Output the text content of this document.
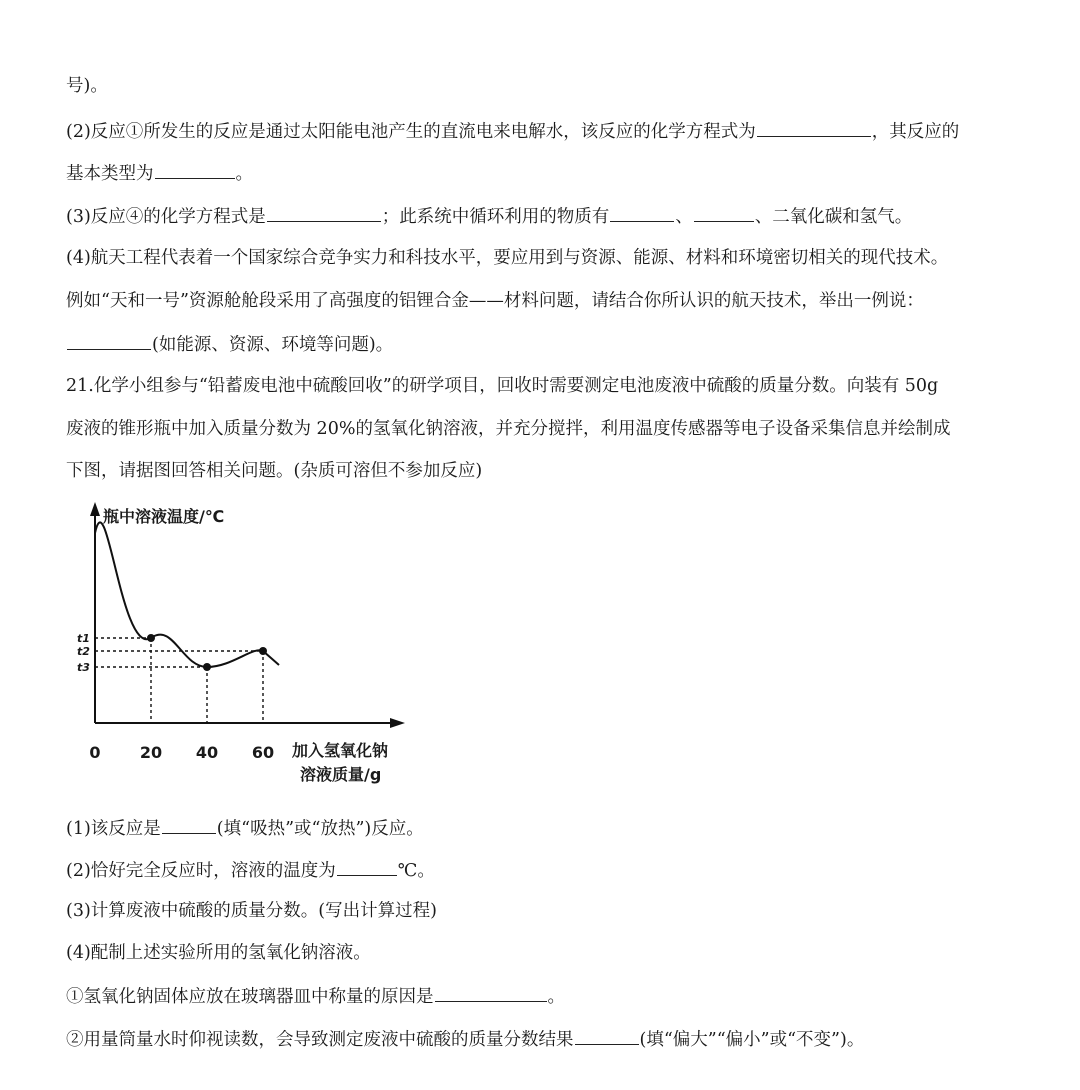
号)。
(2)反应①所发生的反应是通过太阳能电池产生的直流电来电解水，该反应的化学方程式为	，其反应的
基本类型为	。
(3)反应④的化学方程式是	；此系统中循环利用的物质有	、	、二氧化碳和氢气。
(4)航天工程代表着一个国家综合竞争实力和科技水平，要应用到与资源、能源、材料和环境密切相关的现代技术。
例如“天和一号”资源舱舱段采用了高强度的铝锂合金——材料问题，请结合你所认识的航天技术，举出一例说：
(如能源、资源、环境等问题)。
21.化学小组参与“铅蓄废电池中硫酸回收”的研学项目，回收时需要测定电池废液中硫酸的质量分数。向装有 50g
废液的锥形瓶中加入质量分数为 20%的氢氧化钠溶液，并充分搅拌，利用温度传感器等电子设备采集信息并绘制成
下图，请据图回答相关问题。(杂质可溶但不参加反应)
t3
t2
t1
0 20 40 60
瓶中溶液温度/℃
加入氢氧化钠
溶液质量/g
(1)该反应是	(填“吸热”或“放热”)反应。
(2)恰好完全反应时，溶液的温度为	℃。
(3)计算废液中硫酸的质量分数。(写出计算过程)
(4)配制上述实验所用的氢氧化钠溶液。
①氢氧化钠固体应放在玻璃器皿中称量的原因是	。
②用量筒量水时仰视读数，会导致测定废液中硫酸的质量分数结果	(填“偏大”“偏小”或“不变”)。
